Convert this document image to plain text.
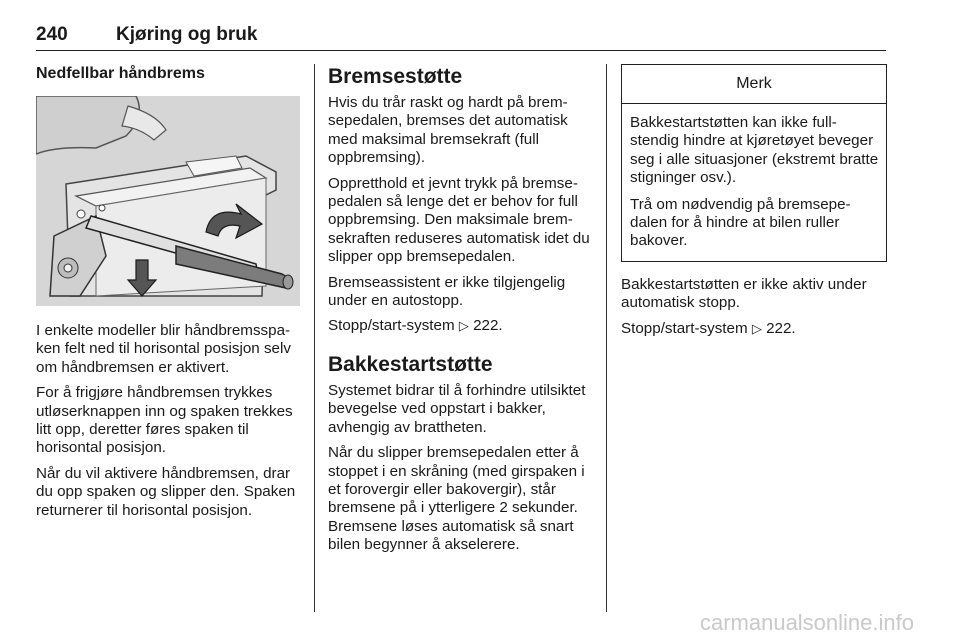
240	Kjøring og bruk
Nedfellbar håndbrems

I enkelte modeller blir håndbremsspaken felt ned til horisontal posisjon selv om håndbremsen er aktivert.

For å frigjøre håndbremsen trykkes utløserknappen inn og spaken trekkes litt opp, deretter føres spaken til horisontal posisjon.

Når du vil aktivere håndbremsen, drar du opp spaken og slipper den. Spaken returnerer til horisontal posisjon.

Bremsestøtte

Hvis du trår raskt og hardt på bremsepedalen, bremses det automatisk med maksimal bremsekraft (full oppbremsing).

Oppretthold et jevnt trykk på bremsepedalen så lenge det er behov for full oppbremsing. Den maksimale bremsekraften reduseres automatisk idet du slipper opp bremsepedalen.

Bremseassistent er ikke tilgjengelig under en autostopp.

Stopp/start-system ▷ 222.

Bakkestartstøtte

Systemet bidrar til å forhindre utilsiktet bevegelse ved oppstart i bakker, avhengig av brattheten.

Når du slipper bremsepedalen etter å stoppet i en skråning (med girspaken i et forovergir eller bakovergir), står bremsene på i ytterligere 2 sekunder. Bremsene løses automatisk så snart bilen begynner å akselerere.

Merk

Bakkestartstøtten kan ikke fullstendig hindre at kjøretøyet beveger seg i alle situasjoner (ekstremt bratte stigninger osv.).

Trå om nødvendig på bremsepedalen for å hindre at bilen ruller bakover.

Bakkestartstøtten er ikke aktiv under automatisk stopp.

Stopp/start-system ▷ 222.

carmanualsonline.info
